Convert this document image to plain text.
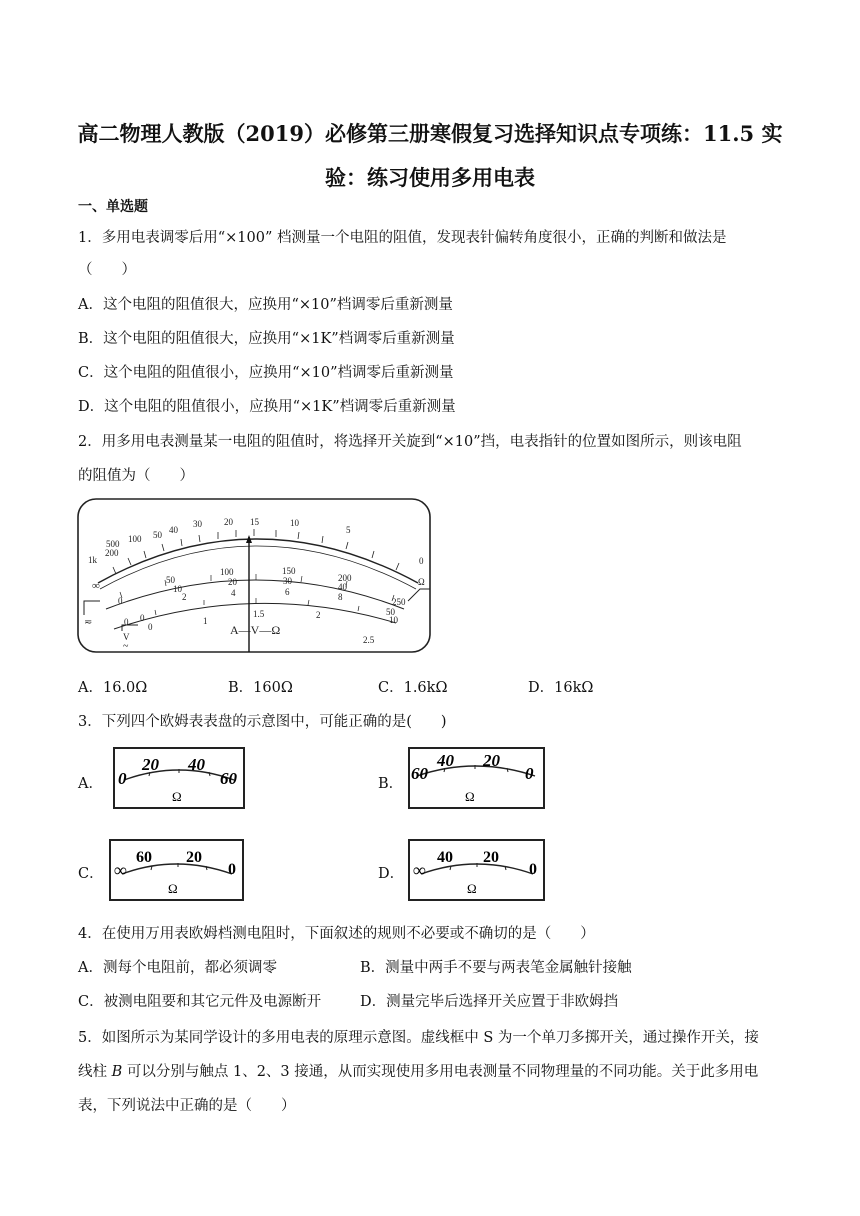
高二物理人教版（2019）必修第三册寒假复习选择知识点专项练：11.5 实
验：练习使用多用电表
一、单选题
1．多用电表调零后用“×100” 档测量一个电阻的阻值，发现表针偏转角度很小，正确的判断和做法是
（　　）
A．这个电阻的阻值很大，应换用“×10”档调零后重新测量
B．这个电阻的阻值很大，应换用“×1K”档调零后重新测量
C．这个电阻的阻值很小，应换用“×10”档调零后重新测量
D．这个电阻的阻值很小，应换用“×1K”档调零后重新测量
2．用多用电表测量某一电阻的阻值时，将选择开关旋到“×10”挡，电表指针的位置如图所示，则该电阻
的阻值为（　　）
1k
500
200
100 50 40
30 20 15	10
5
0
∞	Ω
50
100	150
200
250
10
20	30
40
50
0	2	4	6	8
10
0
0
1
1.5	2
2.5
0
≂
V
~
A—V—Ω
A．16.0Ω	B．160Ω	C．1.6kΩ	D．16kΩ
3．下列四个欧姆表表盘的示意图中，可能正确的是(　　)
A． 0
20 40
60
Ω
B．
60
40 20
0
Ω
C． ∞
60 20
0
Ω
D． ∞
40 20
0
Ω
4．在使用万用表欧姆档测电阻时，下面叙述的规则不必要或不确切的是（　　）
A．测每个电阻前，都必须调零	B．测量中两手不要与两表笔金属触针接触
C．被测电阻要和其它元件及电源断开	D．测量完毕后选择开关应置于非欧姆挡
5．如图所示为某同学设计的多用电表的原理示意图。虚线框中 S 为一个单刀多掷开关，通过操作开关，接
线柱 B 可以分别与触点 1、2、3 接通，从而实现使用多用电表测量不同物理量的不同功能。关于此多用电
表，下列说法中正确的是（　　）
